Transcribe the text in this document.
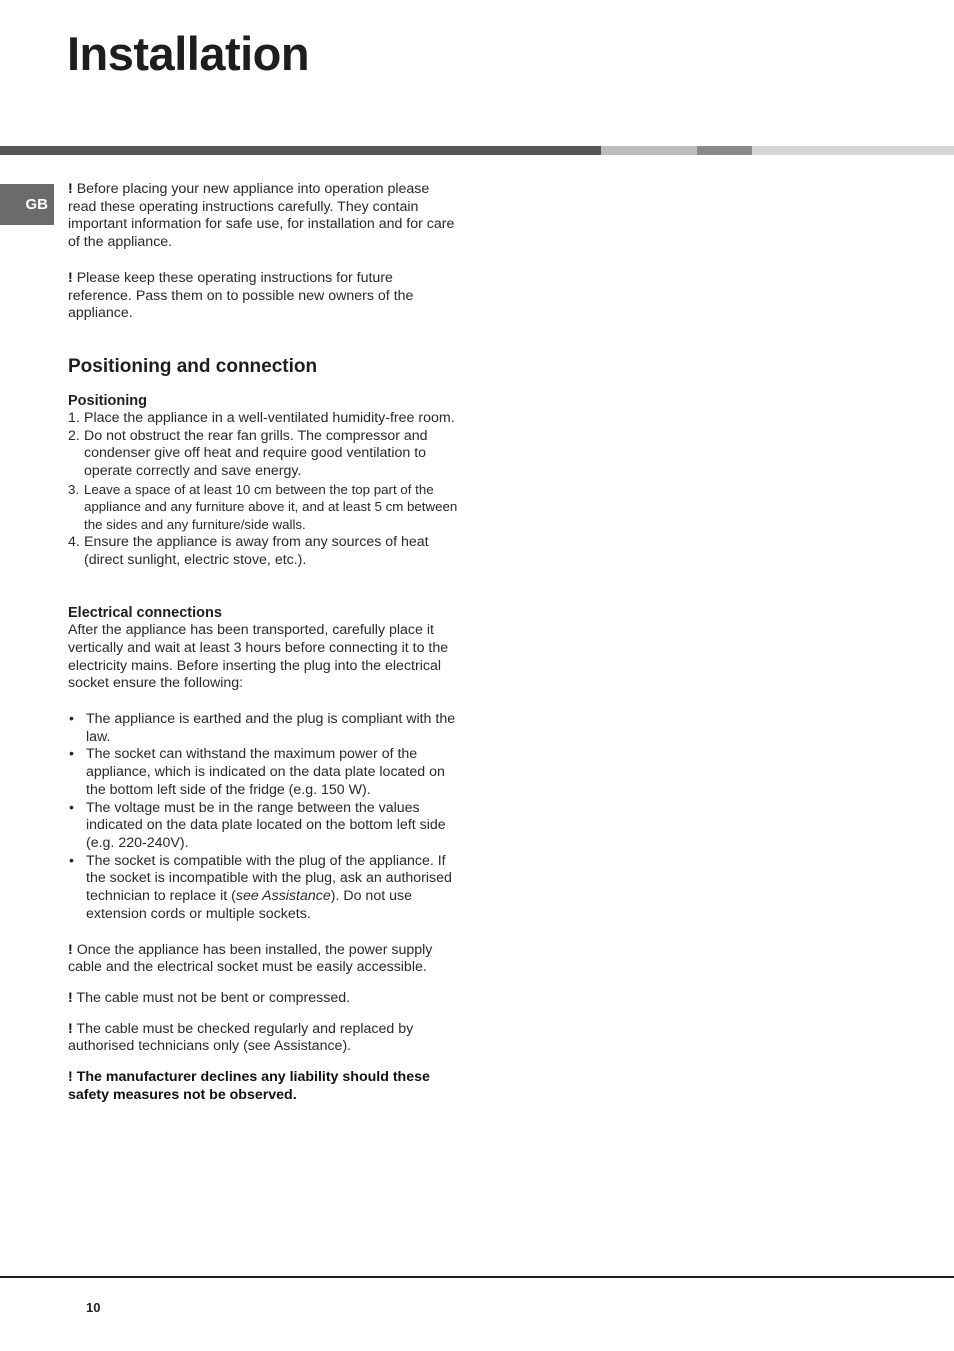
Installation
GB

! Before placing your new appliance into operation please read these operating instructions carefully. They contain important information for safe use, for installation and for care of the appliance.

! Please keep these operating instructions for future reference. Pass them on to possible new owners of the appliance.

Positioning and connection
Positioning
1. Place the appliance in a well-ventilated humidity-free room.
2. Do not obstruct the rear fan grills. The compressor and condenser give off heat and require good ventilation to operate correctly and save energy.
3. Leave a space of at least 10 cm between the top part of the appliance and any furniture above it, and at least 5 cm between the sides and any furniture/side walls.
4. Ensure the appliance is away from any sources of heat (direct sunlight, electric stove, etc.).
Electrical connections

After the appliance has been transported, carefully place it vertically and wait at least 3 hours before connecting it to the electricity mains. Before inserting the plug into the electrical socket ensure the following:

• The appliance is earthed and the plug is compliant with the law.
• The socket can withstand the maximum power of the appliance, which is indicated on the data plate located on the bottom left side of the fridge (e.g. 150 W).
• The voltage must be in the range between the values indicated on the data plate located on the bottom left side (e.g. 220-240V).
• The socket is compatible with the plug of the appliance. If the socket is incompatible with the plug, ask an authorised technician to replace it (see Assistance). Do not use extension cords or multiple sockets.

! Once the appliance has been installed, the power supply cable and the electrical socket must be easily accessible.

! The cable must not be bent or compressed.

! The cable must be checked regularly and replaced by authorised technicians only (see Assistance).

! The manufacturer declines any liability should these safety measures not be observed.

10
